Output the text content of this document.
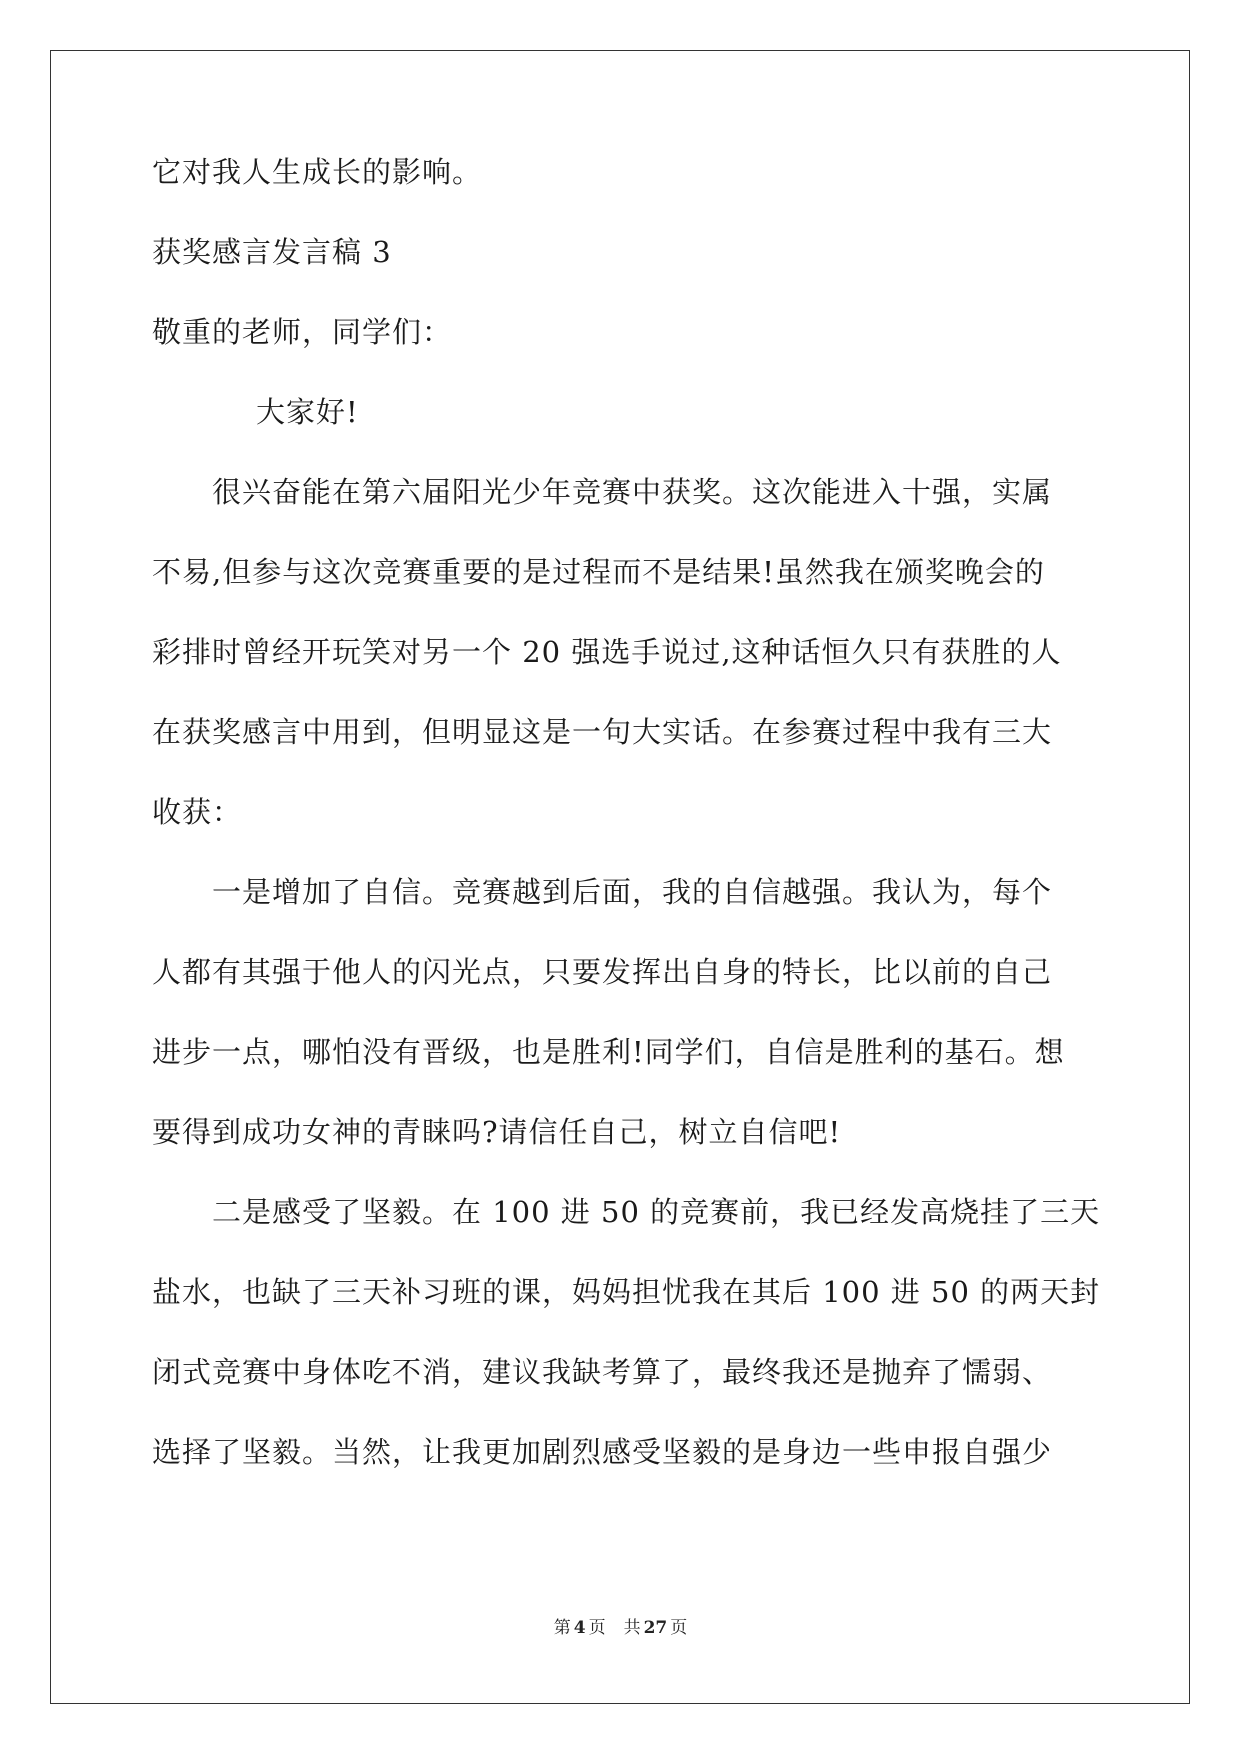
它对我人生成长的影响。
获奖感言发言稿 3
敬重的老师，同学们：
大家好!
很兴奋能在第六届阳光少年竞赛中获奖。这次能进入十强，实属
不易,但参与这次竞赛重要的是过程而不是结果!虽然我在颁奖晚会的
彩排时曾经开玩笑对另一个 20 强选手说过,这种话恒久只有获胜的人
在获奖感言中用到，但明显这是一句大实话。在参赛过程中我有三大
收获：
一是增加了自信。竞赛越到后面，我的自信越强。我认为，每个
人都有其强于他人的闪光点，只要发挥出自身的特长，比以前的自己
进步一点，哪怕没有晋级，也是胜利!同学们，自信是胜利的基石。想
要得到成功女神的青睐吗?请信任自己，树立自信吧!
二是感受了坚毅。在 100 进 50 的竞赛前，我已经发高烧挂了三天
盐水，也缺了三天补习班的课，妈妈担忧我在其后 100 进 50 的两天封
闭式竞赛中身体吃不消，建议我缺考算了，最终我还是抛弃了懦弱、
选择了坚毅。当然，让我更加剧烈感受坚毅的是身边一些申报自强少
第 4 页 共 27 页
